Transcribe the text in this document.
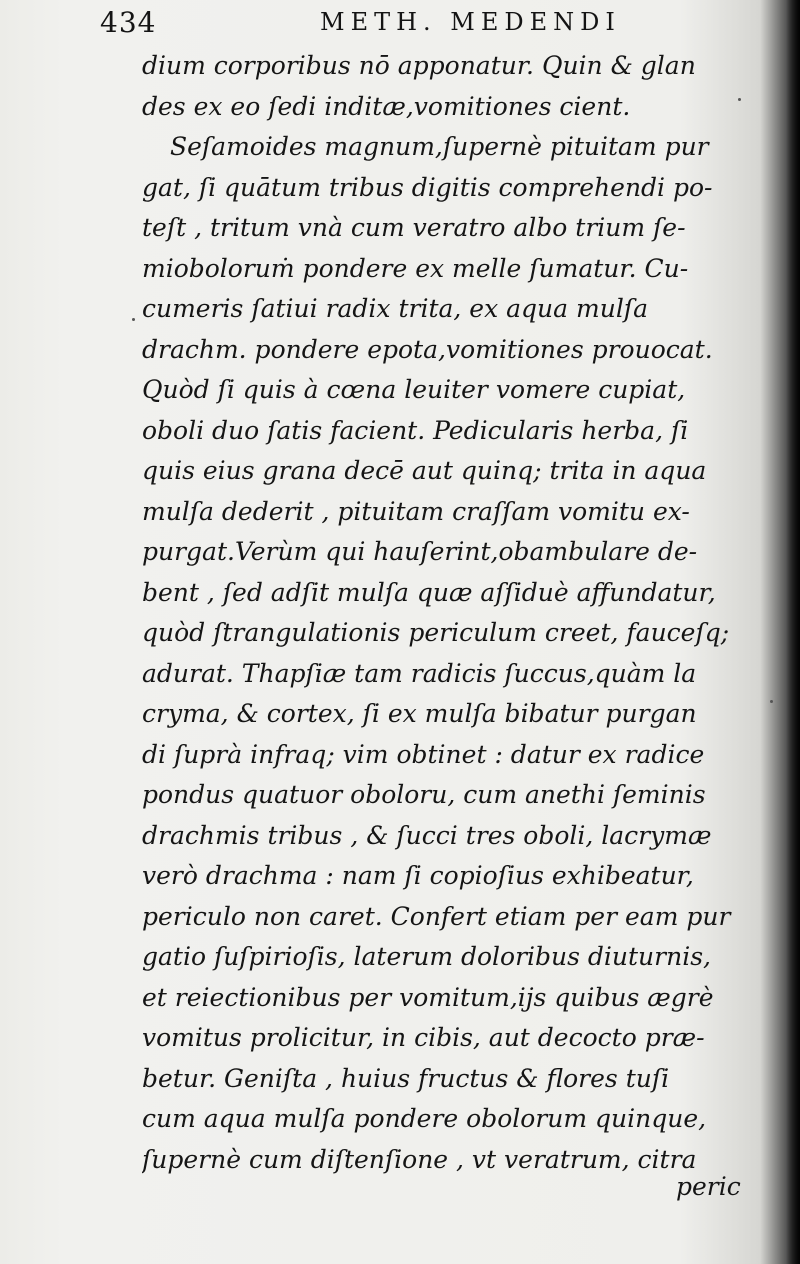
434	METH. MEDENDI
dium corporibus nō apponatur. Quin & glan
des ex eo ſedi inditæ,vomitiones cient.
Seſamoides magnum,ſupernè pituitam pur
gat, ſi quātum tribus digitis comprehendi po-
teſt , tritum vnà cum veratro albo trium ſe-
mioboloruṁ pondere ex melle ſumatur. Cu-
cumeris ſatiui radix trita, ex aqua mulſa
drachm. pondere epota,vomitiones prouocat.
Quòd ſi quis à cœna leuiter vomere cupiat,
oboli duo ſatis facient. Pedicularis herba, ſi
quis eius grana decē aut quinq; trita in aqua
mulſa dederit , pituitam craſſam vomitu ex-
purgat.Verùm qui hauſerint,obambulare de-
bent , ſed adſit mulſa quæ aſſiduè affundatur,
quòd ſtrangulationis periculum creet, fauceſq;
adurat. Thapſiæ tam radicis ſuccus,quàm la
cryma, & cortex, ſi ex mulſa bibatur purgan
di ſuprà infraq; vim obtinet : datur ex radice
pondus quatuor oboloru, cum anethi ſeminis
drachmis tribus , & ſucci tres oboli, lacrymæ
verò drachma : nam ſi copioſius exhibeatur,
periculo non caret. Confert etiam per eam pur
gatio ſuſpirioſis, laterum doloribus diuturnis,
et reiectionibus per vomitum,ijs quibus ægrè
vomitus prolicitur, in cibis, aut decocto præ-
betur. Geniſta , huius fructus & flores tuſi
cum aqua mulſa pondere obolorum quinque,
ſupernè cum diſtenſione , vt veratrum, citra
peric
